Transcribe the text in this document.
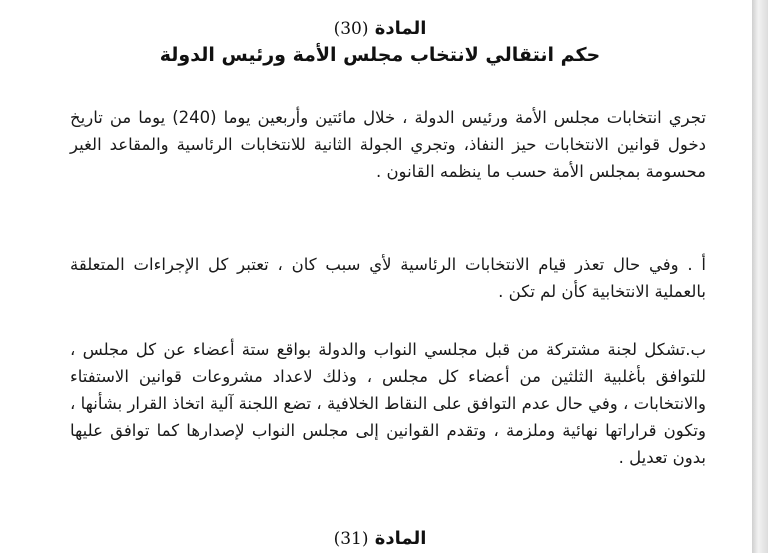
المادة (30)
حكم انتقالي لانتخاب مجلس الأمة ورئيس الدولة
تجري انتخابات مجلس الأمة ورئيس الدولة ، خلال مائتين وأربعين يوما (240) يوما من تاريخ دخول قوانين الانتخابات حيز النفاذ، وتجري الجولة الثانية للانتخابات الرئاسية والمقاعد الغير محسومة بمجلس الأمة حسب ما ينظمه القانون .
أ . وفي حال تعذر قيام الانتخابات الرئاسية لأي سبب كان ، تعتبر كل الإجراءات المتعلقة بالعملية الانتخابية كأن لم تكن .
ب.تشكل لجنة مشتركة من قبل مجلسي النواب والدولة بواقع ستة أعضاء عن كل مجلس ، للتوافق بأغلبية الثلثين من أعضاء كل مجلس ، وذلك لاعداد مشروعات قوانين الاستفتاء والانتخابات ، وفي حال عدم التوافق على النقاط الخلافية ، تضع اللجنة آلية اتخاذ القرار بشأنها ، وتكون قراراتها نهائية وملزمة ، وتقدم القوانين إلى مجلس النواب لإصدارها كما توافق عليها بدون تعديل .
المادة (31)
